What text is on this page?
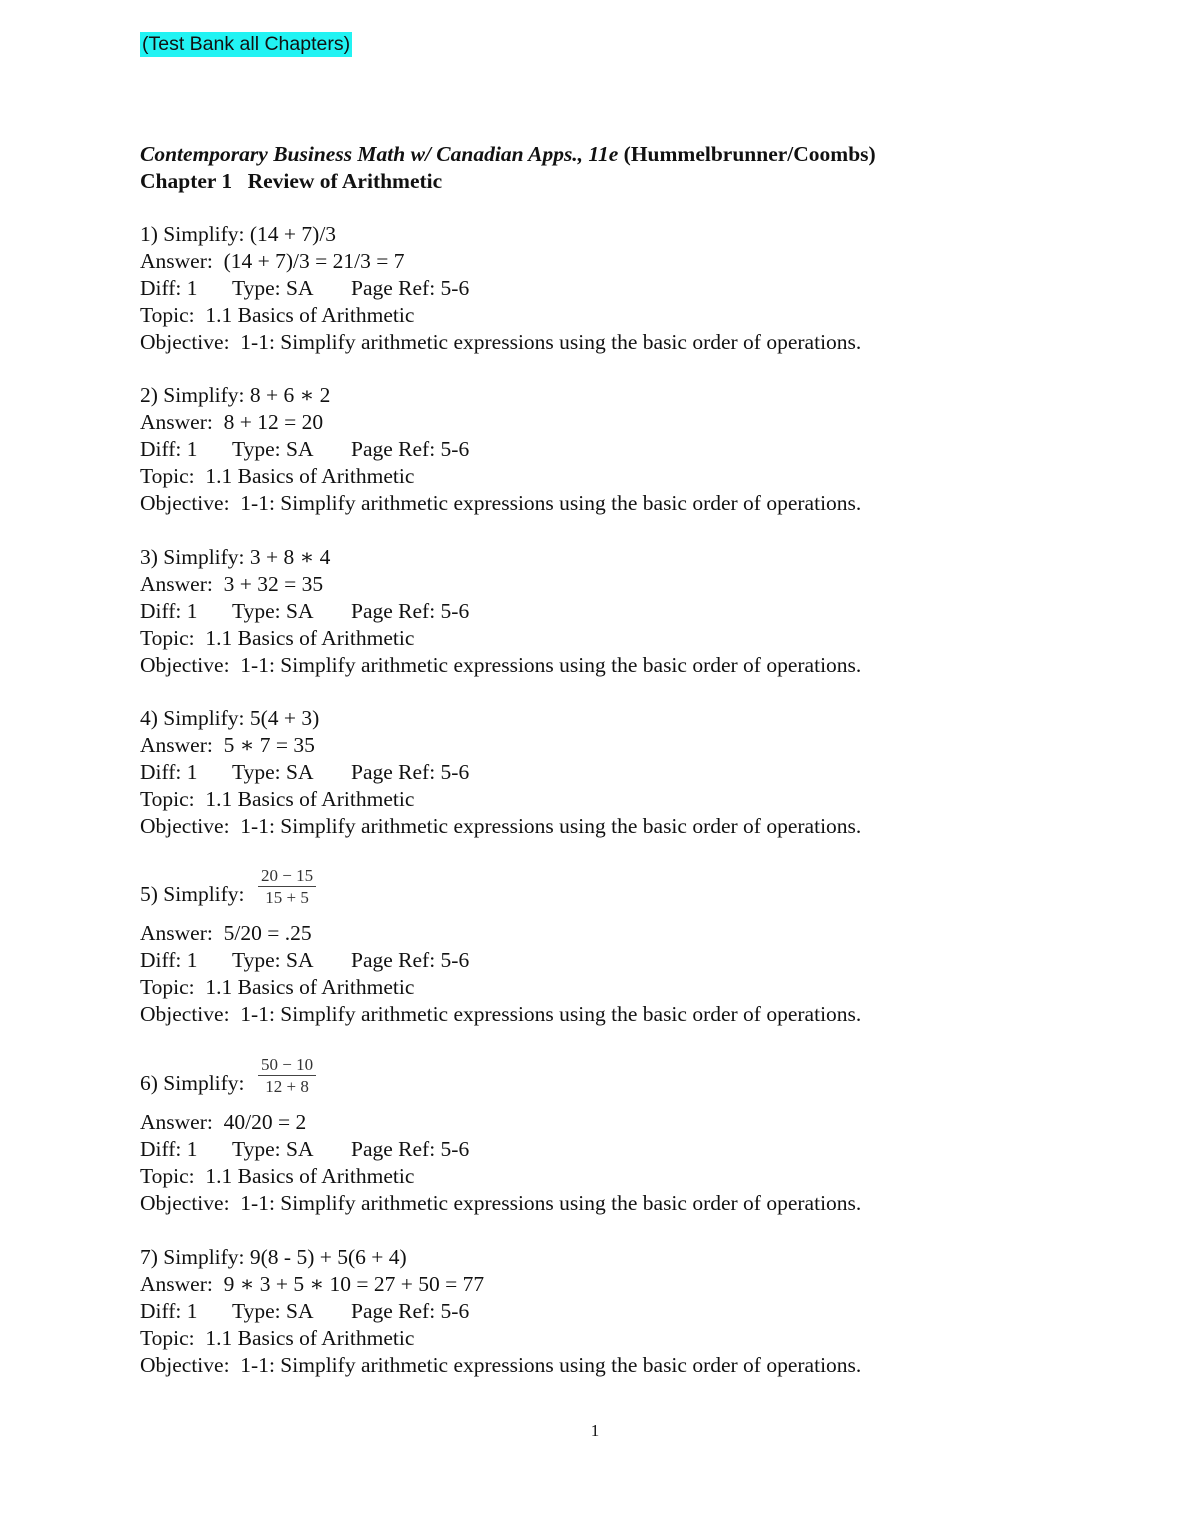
(Test Bank all Chapters)
Contemporary Business Math w/ Canadian Apps., 11e (Hummelbrunner/Coombs)
Chapter 1 Review of Arithmetic
1) Simplify: (14 + 7)/3
Answer:  (14 + 7)/3 = 21/3 = 7
Diff: 1 Type: SA Page Ref: 5-6
Topic:  1.1 Basics of Arithmetic
Objective:  1-1: Simplify arithmetic expressions using the basic order of operations.
2) Simplify: 8 + 6 ∗ 2
Answer:  8 + 12 = 20
Diff: 1 Type: SA Page Ref: 5-6
Topic:  1.1 Basics of Arithmetic
Objective:  1-1: Simplify arithmetic expressions using the basic order of operations.
3) Simplify: 3 + 8 ∗ 4
Answer:  3 + 32 = 35
Diff: 1 Type: SA Page Ref: 5-6
Topic:  1.1 Basics of Arithmetic
Objective:  1-1: Simplify arithmetic expressions using the basic order of operations.
4) Simplify: 5(4 + 3)
Answer:  5 ∗ 7 = 35
Diff: 1 Type: SA Page Ref: 5-6
Topic:  1.1 Basics of Arithmetic
Objective:  1-1: Simplify arithmetic expressions using the basic order of operations.
5) Simplify: $\frac{20 - 15}{15 + 5}$
Answer:  5/20 = .25
Diff: 1 Type: SA Page Ref: 5-6
Topic:  1.1 Basics of Arithmetic
Objective:  1-1: Simplify arithmetic expressions using the basic order of operations.
6) Simplify: $\frac{50 - 10}{12 + 8}$
Answer:  40/20 = 2
Diff: 1 Type: SA Page Ref: 5-6
Topic:  1.1 Basics of Arithmetic
Objective:  1-1: Simplify arithmetic expressions using the basic order of operations.
7) Simplify: 9(8 - 5) + 5(6 + 4)
Answer:  9 ∗ 3 + 5 ∗ 10 = 27 + 50 = 77
Diff: 1 Type: SA Page Ref: 5-6
Topic:  1.1 Basics of Arithmetic
Objective:  1-1: Simplify arithmetic expressions using the basic order of operations.
1
